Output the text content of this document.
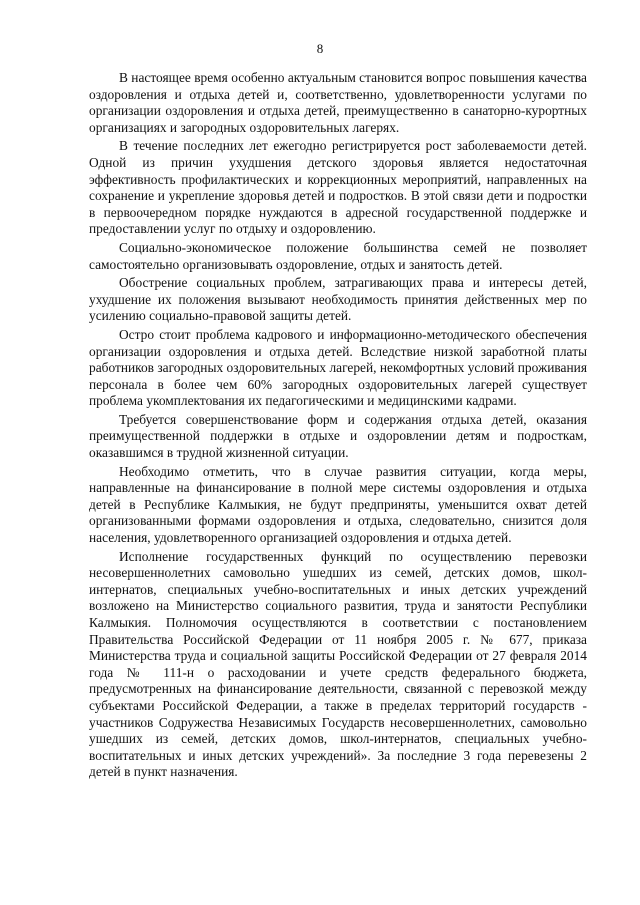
8

В настоящее время особенно актуальным становится вопрос повышения качества оздоровления и отдыха детей и, соответственно, удовлетворенности услугами по организации оздоровления и отдыха детей, преимущественно в санаторно-курортных организациях и загородных оздоровительных лагерях.

В течение последних лет ежегодно регистрируется рост заболеваемости детей. Одной из причин ухудшения детского здоровья является недостаточная эффективность профилактических и коррекционных мероприятий, направленных на сохранение и укрепление здоровья детей и подростков. В этой связи дети и подростки в первоочередном порядке нуждаются в адресной государственной поддержке и предоставлении услуг по отдыху и оздоровлению.

Социально-экономическое положение большинства семей не позволяет самостоятельно организовывать оздоровление, отдых и занятость детей.

Обострение социальных проблем, затрагивающих права и интересы детей, ухудшение их положения вызывают необходимость принятия действенных мер по усилению социально-правовой защиты детей.

Остро стоит проблема кадрового и информационно-методического обеспечения организации оздоровления и отдыха детей. Вследствие низкой заработной платы работников загородных оздоровительных лагерей, некомфортных условий проживания персонала в более чем 60% загородных оздоровительных лагерей существует проблема укомплектования их педагогическими и медицинскими кадрами.

Требуется совершенствование форм и содержания отдыха детей, оказания преимущественной поддержки в отдыхе и оздоровлении детям и подросткам, оказавшимся в трудной жизненной ситуации.

Необходимо отметить, что в случае развития ситуации, когда меры, направленные на финансирование в полной мере системы оздоровления и отдыха детей в Республике Калмыкия, не будут предприняты, уменьшится охват детей организованными формами оздоровления и отдыха, следовательно, снизится доля населения, удовлетворенного организацией оздоровления и отдыха детей.

Исполнение государственных функций по осуществлению перевозки несовершеннолетних самовольно ушедших из семей, детских домов, школ-интернатов, специальных учебно-воспитательных и иных детских учреждений возложено на Министерство социального развития, труда и занятости Республики Калмыкия. Полномочия осуществляются в соответствии с постановлением Правительства Российской Федерации от 11 ноября 2005 г. № 677, приказа Министерства труда и социальной защиты Российской Федерации от 27 февраля 2014 года № 111-н о расходовании и учете средств федерального бюджета, предусмотренных на финансирование деятельности, связанной с перевозкой между субъектами Российской Федерации, а также в пределах территорий государств - участников Содружества Независимых Государств несовершеннолетних, самовольно ушедших из семей, детских домов, школ-интернатов, специальных учебно-воспитательных и иных детских учреждений». За последние 3 года перевезены 2 детей в пункт назначения.
